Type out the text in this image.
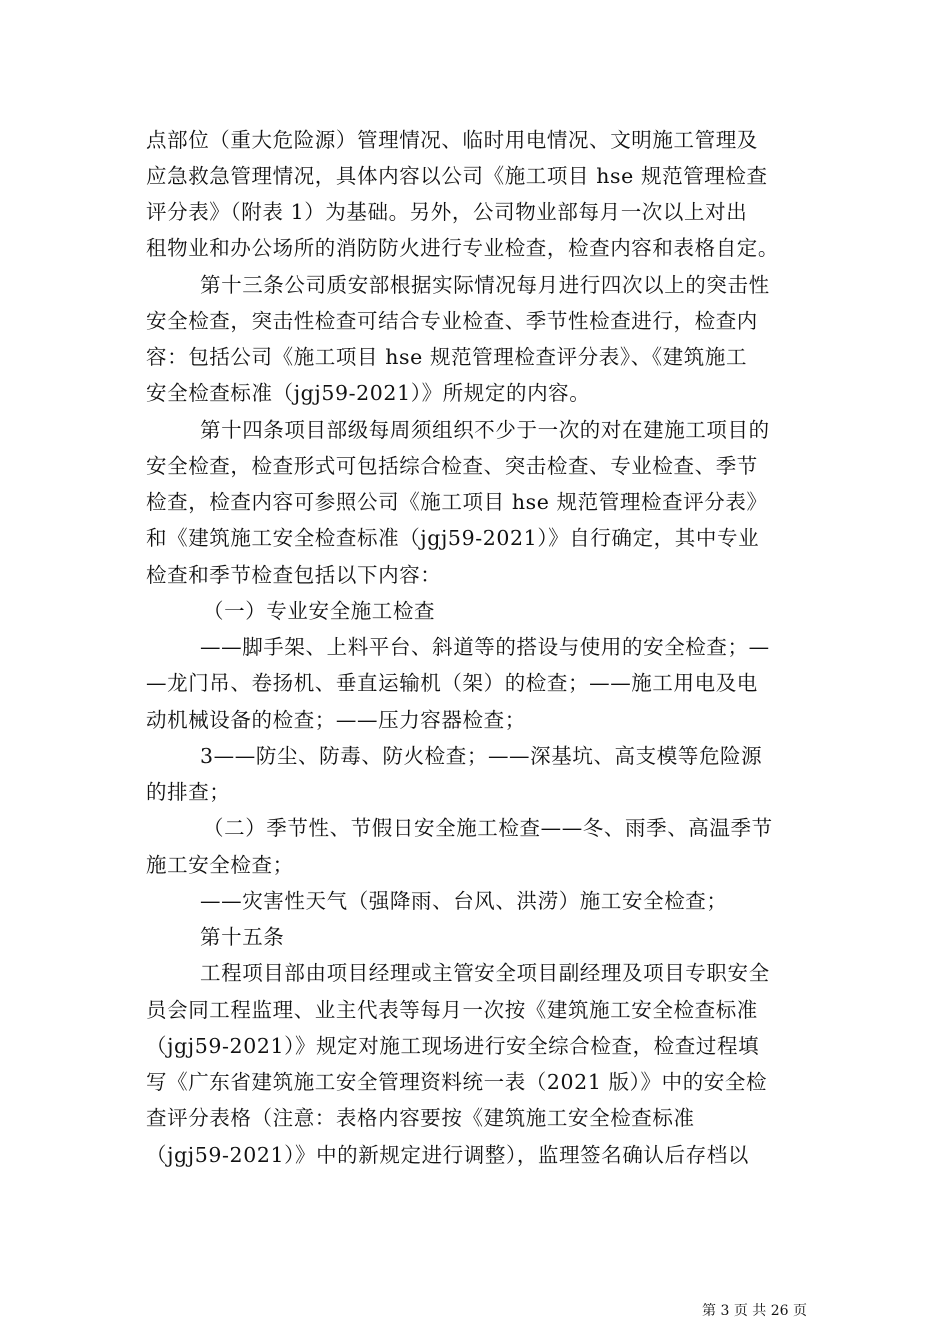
点部位（重大危险源）管理情况、临时用电情况、文明施工管理及
应急救急管理情况，具体内容以公司《施工项目 hse 规范管理检查
评分表》（附表 1）为基础。另外，公司物业部每月一次以上对出
租物业和办公场所的消防防火进行专业检查，检查内容和表格自定。
第十三条公司质安部根据实际情况每月进行四次以上的突击性
安全检查，突击性检查可结合专业检查、季节性检查进行，检查内
容：包括公司《施工项目 hse 规范管理检查评分表》、《建筑施工
安全检查标准（jgj59-2021）》所规定的内容。
第十四条项目部级每周须组织不少于一次的对在建施工项目的
安全检查，检查形式可包括综合检查、突击检查、专业检查、季节
检查，检查内容可参照公司《施工项目 hse 规范管理检查评分表》
和《建筑施工安全检查标准（jgj59-2021）》自行确定，其中专业
检查和季节检查包括以下内容：
（一）专业安全施工检查
——脚手架、上料平台、斜道等的搭设与使用的安全检查；—
—龙门吊、卷扬机、垂直运输机（架）的检查；——施工用电及电
动机械设备的检查；——压力容器检查；
3——防尘、防毒、防火检查；——深基坑、高支模等危险源
的排查；
（二）季节性、节假日安全施工检查——冬、雨季、高温季节
施工安全检查；
——灾害性天气（强降雨、台风、洪涝）施工安全检查；
第十五条
工程项目部由项目经理或主管安全项目副经理及项目专职安全
员会同工程监理、业主代表等每月一次按《建筑施工安全检查标准
（jgj59-2021）》规定对施工现场进行安全综合检查，检查过程填
写《广东省建筑施工安全管理资料统一表（2021 版）》中的安全检
查评分表格（注意：表格内容要按《建筑施工安全检查标准
（jgj59-2021）》中的新规定进行调整），监理签名确认后存档以
第 3 页 共 26 页
